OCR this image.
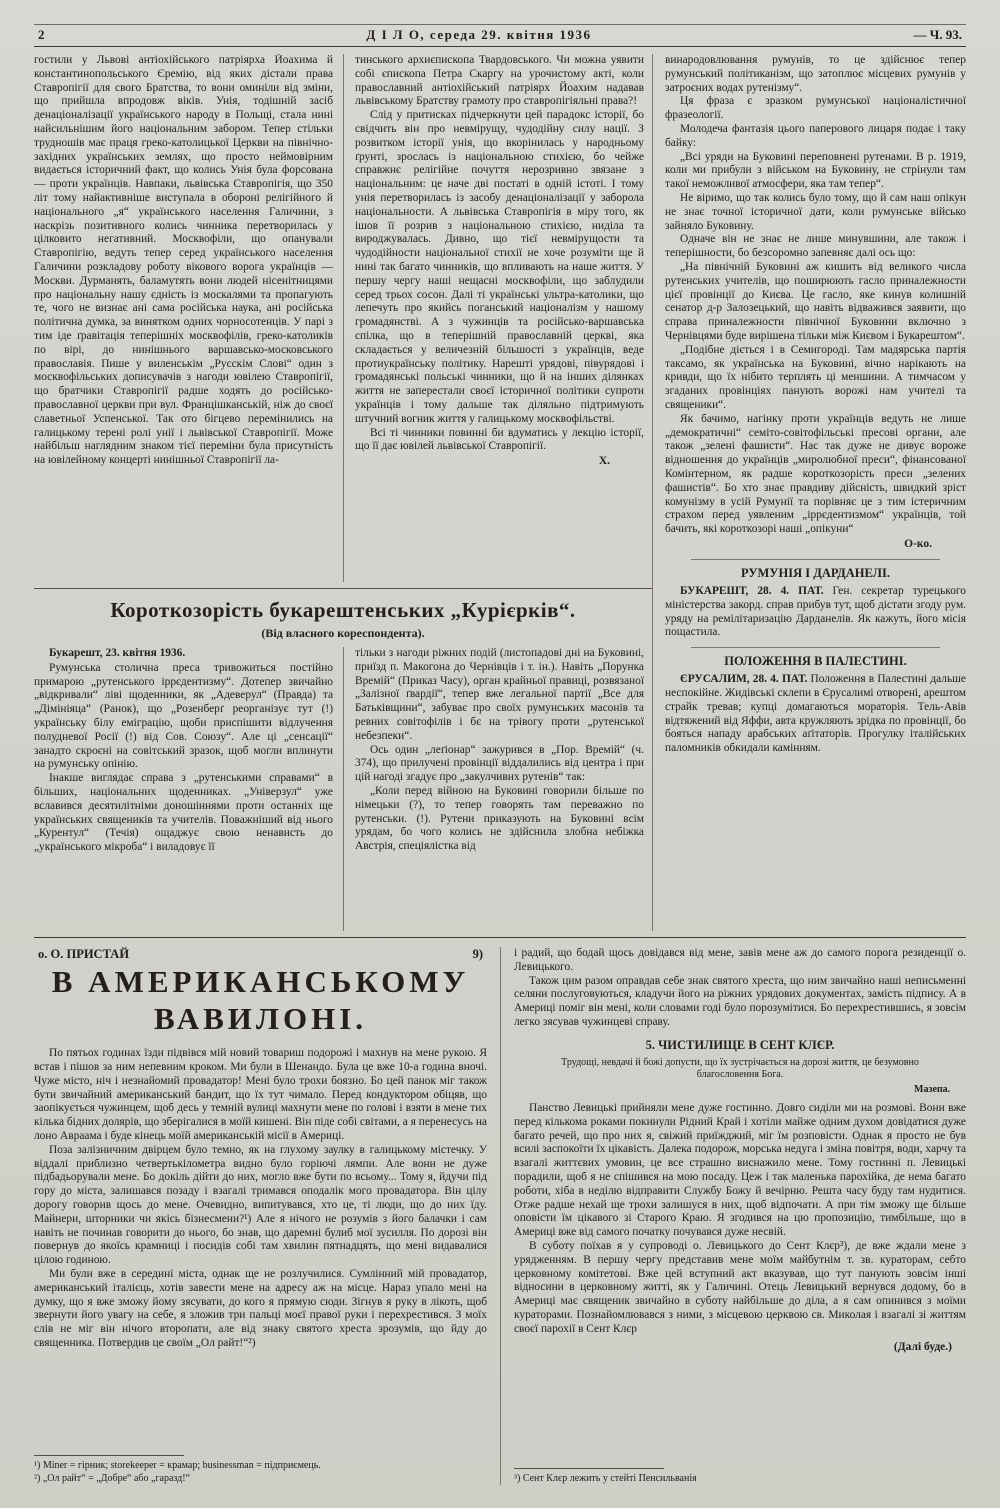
2	Д І Л О, середа 29. квітня 1936	— Ч. 93.

гостили у Львові антіохійського патріярха Йоахима й константинопольського Єремію, від яких дістали права Ставропігії для свого Братства, то вони оминіли від зміни, що прийшла впродовж віків. Унія, тодішній засіб денаціоналізації українського народу в Польщі, стала нині найсильнішим його національним забором. Тепер стільки трудношів має праця греко-католицької Церкви на північно-західних українських землях, що просто неймовірним видається історичний факт, що колись Унія була форсована — проти українців. Навпаки, львівська Ставропігія, що 350 літ тому найактивніше виступала в обороні релігійного й національного „я“ українського населення Галичини, з наскрізь позитивного колись чинника перетворилась у цілковито негативний. Москвофіли, що опанували Ставропігію, ведуть тепер серед українського населення Галичини розкладову роботу вікового ворога українців — Москви. Дурманять, баламутять вони людей нісенітницями про національну нашу єдність із москалями та пропагують те, чого не визнає ані сама російська наука, ані російська політична думка, за винятком одних чорносотенців. У парі з тим іде ґравітація теперішніх москвофілів, греко-католиків по вірі, до нинішнього варшавсько-московського православія. Пише у виленськім „Русскім Слові“ один з москвофільських дописувачів з нагоди ювілею Ставропігії, що братчики Ставропігії радше ходять до російсько-православної церкви при вул. Францішканській, ніж до своєї славетньої Успенської. Так ото бігцево перемінились на галицькому терені ролі унії і львівської Ставропігії. Може найбільш наглядним знаком тієї переміни була присутність на ювілейному концерті нинішньої Ставропігії ла-

тинського архиєпископа Твардовського. Чи можна уявити собі єпископа Петра Скаргу на урочистому акті, коли православний антіохійський патріярх Йоахим надавав львівському Братству грамоту про ставропігіяльні права?!

Слід у притисках підчеркнути цей парадокс історії, бо свідчить він про невмірущу, чудодійну силу нації. З розвитком історії унія, що вкорінилась у народньому ґрунті, зрослась із національною стихією, бо чейже справжнє релігійне почуття нерозривно звязане з національним: це наче дві постаті в одній істоті. І тому унія перетворилась із засобу денаціоналізації у заборола національности. А львівська Ставропігія в міру того, як ішов її розрив з національною стихією, ниділа та вироджувалась. Дивно, що тієї невмірущости та чудодійности національної стихії не хоче розуміти ще й нині так багато чинників, що впливають на наше життя. У першу чергу наші нещасні москвофіли, що заблудили серед трьох сосон. Далі ті українські ультра-католики, що лепечуть про якийсь поганський націоналізм у нашому громадянстві. А з чужинців та російсько-варшавська спілка, що в теперішній православній церкві, яка складається у величезній більшості з українців, веде протиукраїнську політику. Нарешті урядові, півурядові і громадянські польські чинники, що й на інших ділянках життя не заперестали своєї історичної політики супроти українців і тому дальше так діляльно підтримують штучний вогник життя у галицькому москвофільстві.

Всі ті чинники повинні би вдуматись у лекцію історії, що її дає ювілей львівської Ставропігії.

X.
Короткозорість букарештенських „Курієрків“.
(Від власного кореспондента).

Букарешт, 23. квітня 1936.

Румунська столична преса тривожиться постійно примарою „рутенського іррєдентизму“. Дотепер звичайно „відкривали“ ліві щоденники, як „Адеверул“ (Правда) та „Дімініяца“ (Ранок), що „Розенберґ реорганізує тут (!) українську білу еміграцію, щоби приспішити відлучення полудневої Росії (!) від Сов. Союзу“. Але ці „сенсації“ занадто скроєні на совітський зразок, щоб могли вплинути на румунську опінію.

Інакше виглядає справа з „рутенськими справами“ в більших, національних щоденниках. „Універзул“ уже вславився десятилітніми доношіннями проти останніх ще українських священиків та учителів. Поважніший від нього „Курентул“ (Течія) ощаджує свою ненависть до „українського мікроба“ і виладовує її

тільки з нагоди ріжних подій (листопадові дні на Буковині, приїзд п. Макогона до Чернівців і т. ін.). Навіть „Порунка Времій“ (Приказ Часу), орган крайньої правиці, розвязаної „Залізної ґвардії“, тепер вже легальної партії „Все для Батьківщини“, забуває про своїх румунських масонів та ревних совітофілів і бє на трівогу проти „рутенської небезпеки“.

Ось один „леґіонар“ зажурився в „Пор. Времій“ (ч. 374), що прилучені провінції віддалились від центра і при цій нагоді згадує про „закулчивих рутенів“ так:

„Коли перед війною на Буковині говорили більше по німецьки (?), то тепер говорять там переважно по рутенськи. (!). Рутени приказують на Буковині всім урядам, бо чого колись не здійснила злобна небіжка Австрія, спеціялістка від

винародовлювання румунів, то це здійснює тепер румунський політиканізм, що затоплює місцевих румунів у затроєних водах рутенізму“.

Ця фраза є зразком румунської націоналістичної фразеології.

Молодеча фантазія цього паперового лицаря подає і таку байку:

„Всі уряди на Буковині переповнені рутенами. В р. 1919, коли ми прибули з військом на Буковину, не стрінули там такої неможливої атмосфери, яка там тепер“.

Не віримо, що так колись було тому, що й сам наш опікун не знає точної історичної дати, коли румунське військо зайняло Буковину.

Одначе він не знає не лише минувшини, але також і теперішности, бо безсоромно запевняє далі ось що:

„На північній Буковині аж кишить від великого числа рутенських учителів, що поширюють гасло приналежности цієї провінції до Києва. Це гасло, яке кинув колишній сенатор д-р Залозецький, що навіть відважився заявити, що справа приналежности північної Буковини включно з Чернівцями буде вирішена тільки між Києвом і Букарештом“.

„Подібне діється і в Семигороді. Там мадярська партія таксамо, як українська на Буковині, вічно нарікають на кривди, що їх нібито терплять ці меншини. А тимчасом у згаданих провінціях панують ворожі нам учителі та священики“.

Як бачимо, нагінку проти українців ведуть не лише „демократичні“ семіто-совітофільські пресові органи, але також „зелені фашисти“. Нас так дуже не дивує вороже відношення до українців „миролюбної преси“, фінансованої Комінтерном, як радше короткозорість преси „зелених фашистів“. Бо хто знає правдиву дійсність, швидкий зріст комунізму в усій Румунії та порівняє це з тим істеричним страхом перед уявленим „іррєдентизмом“ українців, той бачить, які короткозорі наші „опікуни“

О-ко.
РУМУНІЯ І ДАРДАНЕЛІ.

БУКАРЕШТ, 28. 4. ПАТ. Ген. секретар турецького міністерства закорд. справ прибув тут, щоб дістати згоду рум. уряду на ремілітаризацію Дарданелів. Як кажуть, його місія пощастила.

ПОЛОЖЕННЯ В ПАЛЕСТИНІ.

ЄРУСАЛИМ, 28. 4. ПАТ. Положення в Палестині дальше неспокійне. Жидівські склепи в Єрусалимі отворені, арештом страйк тревав; купці домагаються мораторія. Тель-Авів відтяжений від Яффи, авта кружляють зрідка по провінції, бо бояться нападу арабських аґітаторів. Прогулку італійських паломників обкидали камінням.

о. О. ПРИСТАЙ	9)
В АМЕРИКАНСЬКОМУ
ВАВИЛОНІ.

По пятьох годинах їзди підвівся мій новий товариш подорожі і махнув на мене рукою. Я встав і пішов за ним непевним кроком. Ми були в Шенандо. Була це вже 10-а година вночі. Чуже місто, ніч і незнайомий провадатор! Мені було трохи боязно. Бо цей панок міг також бути звичайний американський бандит, що їх тут чимало. Перед кондуктором обіцяв, що заопікується чужинцем, щоб десь у темній вулиці махнути мене по голові і взяти в мене тих кілька бідних долярів, що зберігалися в моїй кишені. Він піде собі світами, а я перенесусь на лоно Авраама і буде кінець моїй американській місії в Америці.

Поза залізничним двірцем було темно, як на глухому заулку в галицькому містечку. У віддалі приблизно четвертькілометра видно було горіючі лямпи. Але вони не дуже підбадьорували мене. Бо докіль дійти до них, могло вже бути по всьому... Тому я, йдучи під гору до міста, залишався позаду і взагалі тримався оподалік мого провадатора. Він цілу дорогу говорив щось до мене. Очевидно, випитувався, хто це, ті люди, що до них їду. Майнери, шторники чи якісь бізнесмени?¹) Але я нічого не розумів з його балачки і сам навіть не починав говорити до нього, бо знав, що даремні булиб мої зусилля. По дорозі він повернув до якоїсь крамниці і посидів собі там хвилин пятнадцять, що мені видавалися цілою годиною.

Ми були вже в середині міста, однак ще не розлучилися. Сумлінний мій провадатор, американський італієць, хотів завести мене на адресу аж на місце. Нараз упало мені на думку, що я вже зможу йому зясувати, до кого я прямую сюди. Зігнув я руку в лікоть, щоб звернути його увагу на себе, я зложив три пальці моєї правої руки і перехрестився. З моїх слів не міг він нічого второпати, але від знаку святого хреста зрозумів, що йду до священника. Потвердив це своїм „Ол райт!“²)

¹) Miner = гірник; storekeeper = крамар; businessman = підприємець.

²) „Ол райт“ = „Добре“ або „гаразд!“

і радий, що бодай щось довідався від мене, завів мене аж до самого порога резиденції о. Левицького.

Також цим разом оправдав себе знак святого хреста, що ним звичайно наші неписьменні селяни послуговуються, кладучи його на ріжних урядових документах, замість підпису. А в Америці поміг він мені, коли словами годі було порозумітися. Бо перехрестившись, я зовсім легко зясував чужинцеві справу.

5. ЧИСТИЛИЩЕ В СЕНТ КЛЄР.
Трудощі, невдачі й божі допусти, що їх зустрічається на дорозі життя, це безумовно благословення Бога.
Мазепа.

Панство Левицькі прийняли мене дуже гостинно. Довго сиділи ми на розмові. Вони вже перед кількома роками покинули Рідний Край і хотіли майже одним духом довідатися дуже багато речей, що про них я, свіжий приїжджий, міг їм розповісти. Однак я просто не був всилі заспокоїти їх цікавість. Далека подорож, морська недуга і зміна повітря, води, харчу та взагалі життєвих умовин, це все страшно виснажило мене. Тому гостинні п. Левицькі порадили, щоб я не спішився на мою посаду. Цеж і так маленька парохійка, де нема багато роботи, хіба в неділю відправити Службу Божу й вечірню. Решта часу буду там нудитися. Отже радше нехай ще трохи залишуся в них, щоб відпочати. А при тім зможу ще більше оповісти їм цікавого зі Старого Краю. Я згодився на цю пропозицію, тимбільше, що в Америці вже від самого початку почувався дуже несвій.

В суботу поїхав я у супроводі о. Левицького до Сент Клєр³), де вже ждали мене з урядженням. В першу чергу представив мене моїм майбутнім т. зв. кураторам, себто церковному комітетові. Вже цей вступний акт вказував, що тут панують зовсім інші відносини в церковному житті, як у Галичині. Отець Левицький вернувся додому, бо в Америці має священик звичайно в суботу найбільше до діла, а я сам опинився з моїми кураторами. Познайомлювався з ними, з місцевою церквою св. Миколая і взагалі зі життям своєї парохії в Сент Клєр

(Далі буде.)

³) Сент Клєр лежить у стейті Пенсильванія
